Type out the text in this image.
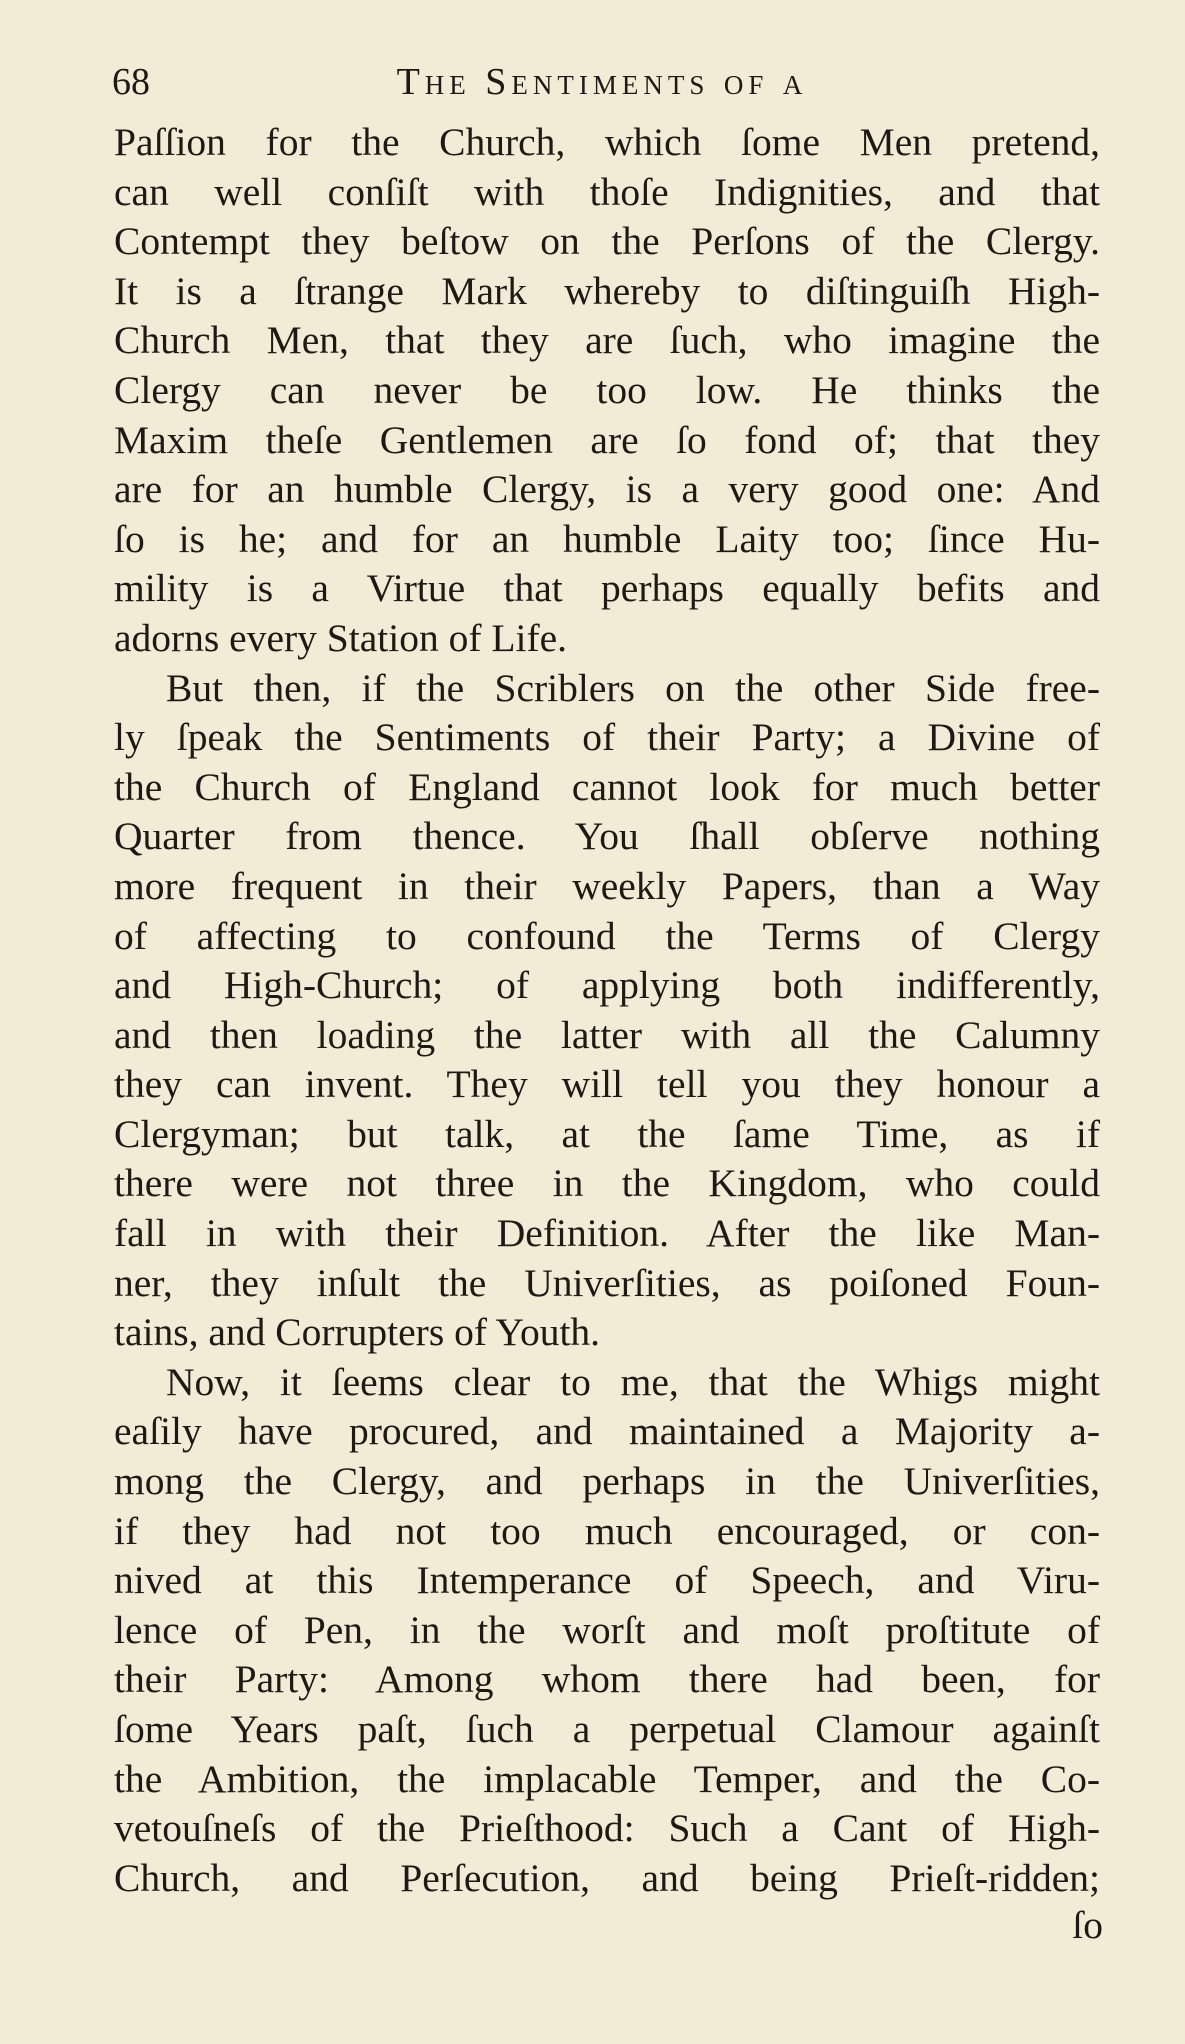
68	The Sentiments of a
Paſſion for the Church, which ſome Men pretend,
can well conſiſt with thoſe Indignities, and that
Contempt they beſtow on the Perſons of the Clergy.
It is a ſtrange Mark whereby to diſtinguiſh High-
Church Men, that they are ſuch, who imagine the
Clergy can never be too low. He thinks the
Maxim theſe Gentlemen are ſo fond of; that they
are for an humble Clergy, is a very good one: And
ſo is he; and for an humble Laity too; ſince Hu-
mility is a Virtue that perhaps equally befits and
adorns every Station of Life.
But then, if the Scriblers on the other Side free-
ly ſpeak the Sentiments of their Party; a Divine of
the Church of England cannot look for much better
Quarter from thence. You ſhall obſerve nothing
more frequent in their weekly Papers, than a Way
of affecting to confound the Terms of Clergy
and High-Church; of applying both indifferently,
and then loading the latter with all the Calumny
they can invent. They will tell you they honour a
Clergyman; but talk, at the ſame Time, as if
there were not three in the Kingdom, who could
fall in with their Definition. After the like Man-
ner, they inſult the Univerſities, as poiſoned Foun-
tains, and Corrupters of Youth.
Now, it ſeems clear to me, that the Whigs might
eaſily have procured, and maintained a Majority a-
mong the Clergy, and perhaps in the Univerſities,
if they had not too much encouraged, or con-
nived at this Intemperance of Speech, and Viru-
lence of Pen, in the worſt and moſt proſtitute of
their Party: Among whom there had been, for
ſome Years paſt, ſuch a perpetual Clamour againſt
the Ambition, the implacable Temper, and the Co-
vetouſneſs of the Prieſthood: Such a Cant of High-
Church, and Perſecution, and being Prieſt-ridden;
ſo
